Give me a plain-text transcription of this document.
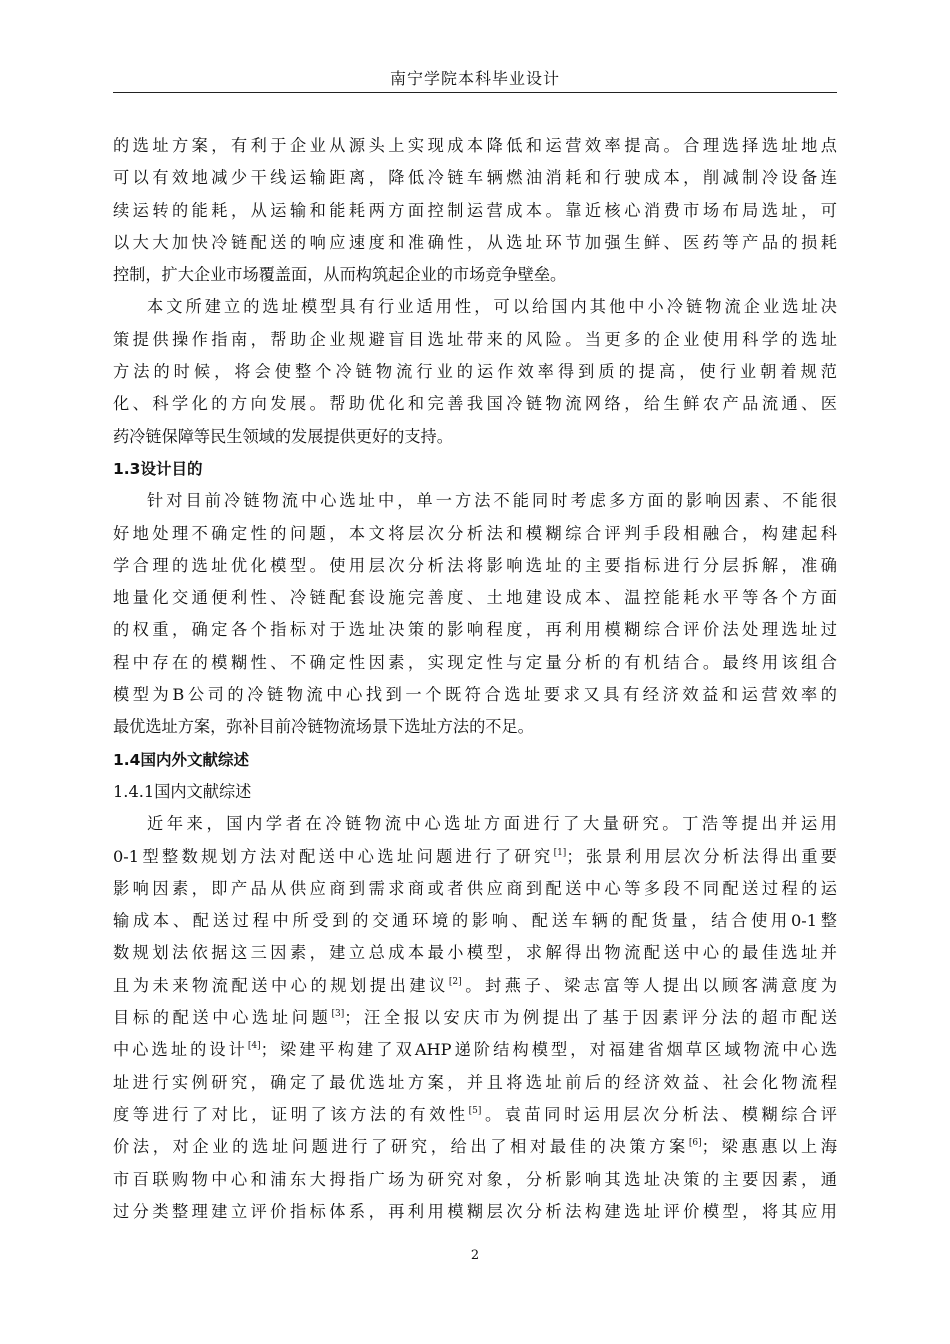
南宁学院本科毕业设计
的选址方案，有利于企业从源头上实现成本降低和运营效率提高。合理选择选址地点
可以有效地减少干线运输距离，降低冷链车辆燃油消耗和行驶成本，削减制冷设备连
续运转的能耗，从运输和能耗两方面控制运营成本。靠近核心消费市场布局选址，可
以大大加快冷链配送的响应速度和准确性，从选址环节加强生鲜、医药等产品的损耗
控制，扩大企业市场覆盖面，从而构筑起企业的市场竞争壁垒。
本文所建立的选址模型具有行业适用性，可以给国内其他中小冷链物流企业选址决
策提供操作指南，帮助企业规避盲目选址带来的风险。当更多的企业使用科学的选址
方法的时候，将会使整个冷链物流行业的运作效率得到质的提高，使行业朝着规范
化、科学化的方向发展。帮助优化和完善我国冷链物流网络，给生鲜农产品流通、医
药冷链保障等民生领域的发展提供更好的支持。
1.3设计目的
针对目前冷链物流中心选址中，单一方法不能同时考虑多方面的影响因素、不能很
好地处理不确定性的问题，本文将层次分析法和模糊综合评判手段相融合，构建起科
学合理的选址优化模型。使用层次分析法将影响选址的主要指标进行分层拆解，准确
地量化交通便利性、冷链配套设施完善度、土地建设成本、温控能耗水平等各个方面
的权重，确定各个指标对于选址决策的影响程度，再利用模糊综合评价法处理选址过
程中存在的模糊性、不确定性因素，实现定性与定量分析的有机结合。最终用该组合
模型为B公司的冷链物流中心找到一个既符合选址要求又具有经济效益和运营效率的
最优选址方案，弥补目前冷链物流场景下选址方法的不足。
1.4国内外文献综述
1.4.1国内文献综述
近年来，国内学者在冷链物流中心选址方面进行了大量研究。丁浩等提出并运用
0-1型整数规划方法对配送中心选址问题进行了研究[1]；张景利用层次分析法得出重要
影响因素，即产品从供应商到需求商或者供应商到配送中心等多段不同配送过程的运
输成本、配送过程中所受到的交通环境的影响、配送车辆的配货量，结合使用0-1整
数规划法依据这三因素，建立总成本最小模型，求解得出物流配送中心的最佳选址并
且为未来物流配送中心的规划提出建议[2]。封燕子、梁志富等人提出以顾客满意度为
目标的配送中心选址问题[3]；汪全报以安庆市为例提出了基于因素评分法的超市配送
中心选址的设计[4]；梁建平构建了双AHP递阶结构模型，对福建省烟草区域物流中心选
址进行实例研究，确定了最优选址方案，并且将选址前后的经济效益、社会化物流程
度等进行了对比，证明了该方法的有效性[5]。袁苗同时运用层次分析法、模糊综合评
价法，对企业的选址问题进行了研究，给出了相对最佳的决策方案[6]；梁惠惠以上海
市百联购物中心和浦东大拇指广场为研究对象，分析影响其选址决策的主要因素，通
过分类整理建立评价指标体系，再利用模糊层次分析法构建选址评价模型，将其应用
2
